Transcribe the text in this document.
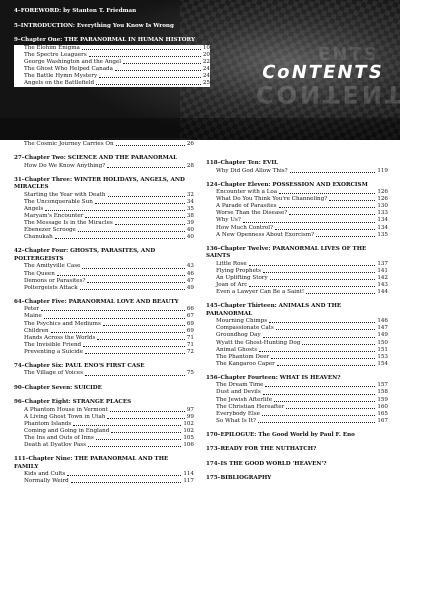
ENTS
CoNTENTS
CONTENTS
4–FOREWORD: by Stanton T. Friedman
5–INTRODUCTION: Everything You Know Is Wrong
9–Chapter One: THE PARANORMAL IN HUMAN HISTORY
The Elohim Enigma	10
The Spectre Leaguers	20
George Washington and the Angel	22
The Ghost Who Helped Canada	24
The Battle Hymn Mystery	24
Angels on the Battlefield	25
The Paranormal President	26
The Cosmic Journey Carries On	26
27–Chapter Two: SCIENCE AND THE PARANORMAL
How Do We Know Anything?	28
31–Chapter Three: WINTER HOLIDAYS, ANGELS, AND MIRACLES
Starting the Year with Death	32
The Unconquerable Sun	34
Angels	35
Maryam's Encounter	38
The Message Is in the Miracles	39
Ebenezer Scrooge	40
Chanukah	40
42–Chapter Four: GHOSTS, PARASITES, AND POLTERGEISTS
The Amityville Case	43
The Queen	46
Demons or Parasites?	47
Poltergeists Attack	49
64–Chapter Five: PARANORMAL LOVE AND BEAUTY
Peter	66
Maine	67
The Psychics and Mediums	69
Children	69
Hands Across the Worlds	71
The Invisible Friend	71
Preventing a Suicide	72
74–Chapter Six: PAUL ENO'S FIRST CASE
The Village of Voices	75
90–Chapter Seven: SUICIDE
96–Chapter Eight: STRANGE PLACES
A Phantom House in Vermont	97
A Living Ghost Town in Utah	99
Phantom Islands	102
Coming and Going in England	102
The Ins and Outs of Inns	105
Death at Dyatlov Pass	106
111–Chapter Nine: THE PARANORMAL AND THE FAMILY
Kids and Cults	114
Normally Weird	117
118–Chapter Ten: EVIL
Why Did God Allow This?	119
124–Chapter Eleven: POSSESSION AND EXORCISM
Encounter with a Loa	126
What Do You Think You're Channeling?	126
A Parade of Parasites	130
Worse Than the Disease?	133
Why Us?	134
How Much Control?	134
A New Openness About Exorcism?	135
136–Chapter Twelve: PARANORMAL LIVES OF THE SAINTS
Little Rose	137
Flying Prophets	141
An Uplifting Story	142
Joan of Arc	143
Even a Lawyer Can Be a Saint!	144
145–Chapter Thirteen: ANIMALS AND THE PARANORMAL
Mourning Chimps	146
Compassionate Cats	147
Groundhog Day	149
Wyatt the Ghost-Hunting Dog	150
Animal Ghosts	151
The Phantom Deer	153
The Kangaroo Caper	154
156–Chapter Fourteen: WHAT IS HEAVEN?
The Dream Time	157
Dust and Devils	158
The Jewish Afterlife	159
The Christian Hereafter	160
Everybody Else	165
So What Is It?	167
170–EPILOGUE: The Good World by Paul F. Eno
173–READY FOR THE NUTHATCH?
174–IS THE GOOD WORLD 'HEAVEN'?
175–BIBLIOGRAPHY
